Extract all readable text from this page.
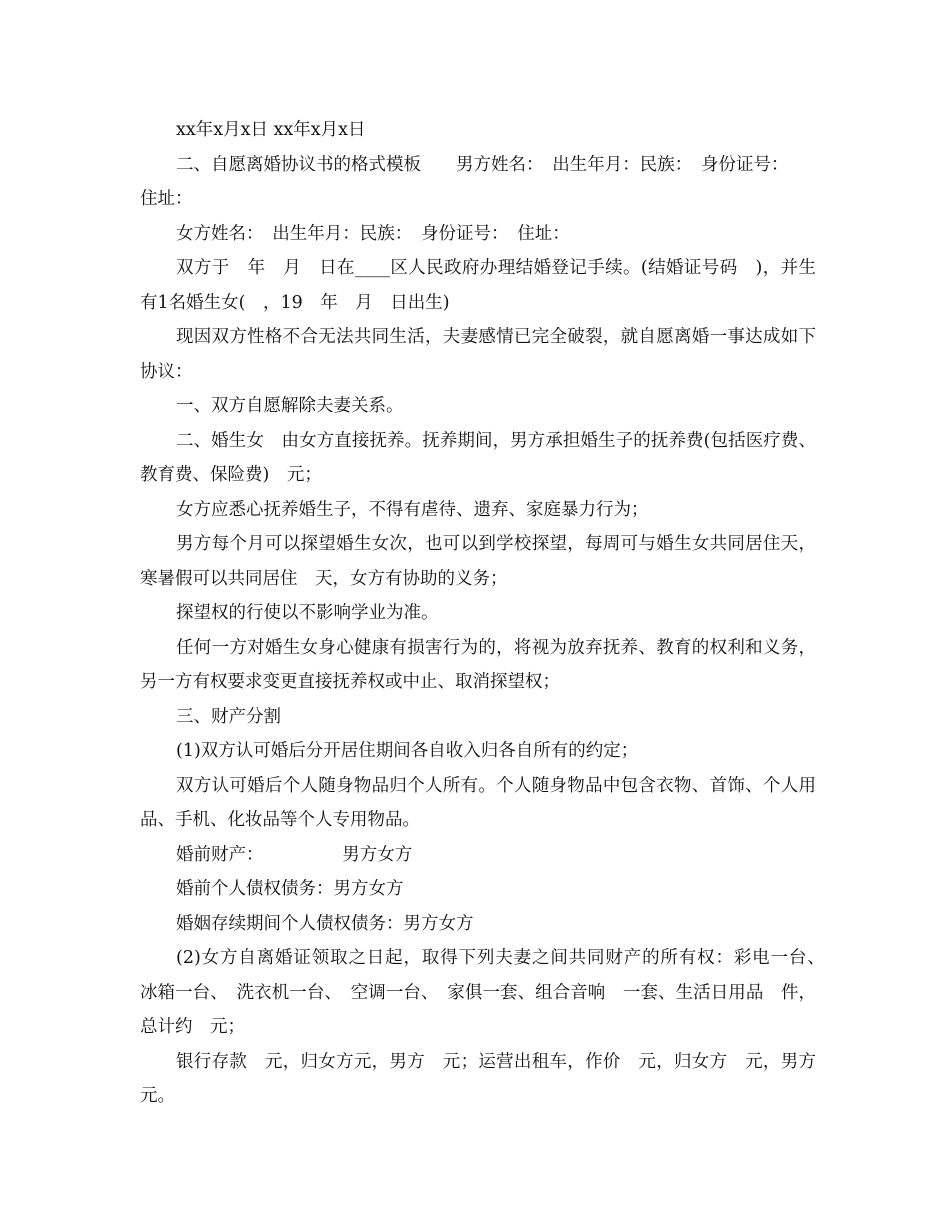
xx年x月x日 xx年x月x日

二、自愿离婚协议书的格式模板　　男方姓名：　出生年月：民族：　身份证号：

住址：

女方姓名：　出生年月：民族：　身份证号：　住址：

双方于　年　月　日在____区人民政府办理结婚登记手续。(结婚证号码　)，并生有1名婚生女(　，19　年　月　日出生)

现因双方性格不合无法共同生活，夫妻感情已完全破裂，就自愿离婚一事达成如下协议：

一、双方自愿解除夫妻关系。

二、婚生女　由女方直接抚养。抚养期间，男方承担婚生子的抚养费(包括医疗费、教育费、保险费)　元；

女方应悉心抚养婚生子，不得有虐待、遗弃、家庭暴力行为；

男方每个月可以探望婚生女次，也可以到学校探望，每周可与婚生女共同居住天，寒暑假可以共同居住　天，女方有协助的义务；

探望权的行使以不影响学业为准。

任何一方对婚生女身心健康有损害行为的，将视为放弃抚养、教育的权利和义务，另一方有权要求变更直接抚养权或中止、取消探望权；

三、财产分割

(1)双方认可婚后分开居住期间各自收入归各自所有的约定；

双方认可婚后个人随身物品归个人所有。个人随身物品中包含衣物、首饰、个人用品、手机、化妆品等个人专用物品。

婚前财产：　　　　　男方女方

婚前个人债权债务：男方女方

婚姻存续期间个人债权债务：男方女方

(2)女方自离婚证领取之日起，取得下列夫妻之间共同财产的所有权：彩电一台、　冰箱一台、　洗衣机一台、　空调一台、　家俱一套、组合音响　一套、生活日用品　件，总计约　元；

银行存款　元，归女方元，男方　元；运营出租车，作价　元，归女方　元，男方元。
